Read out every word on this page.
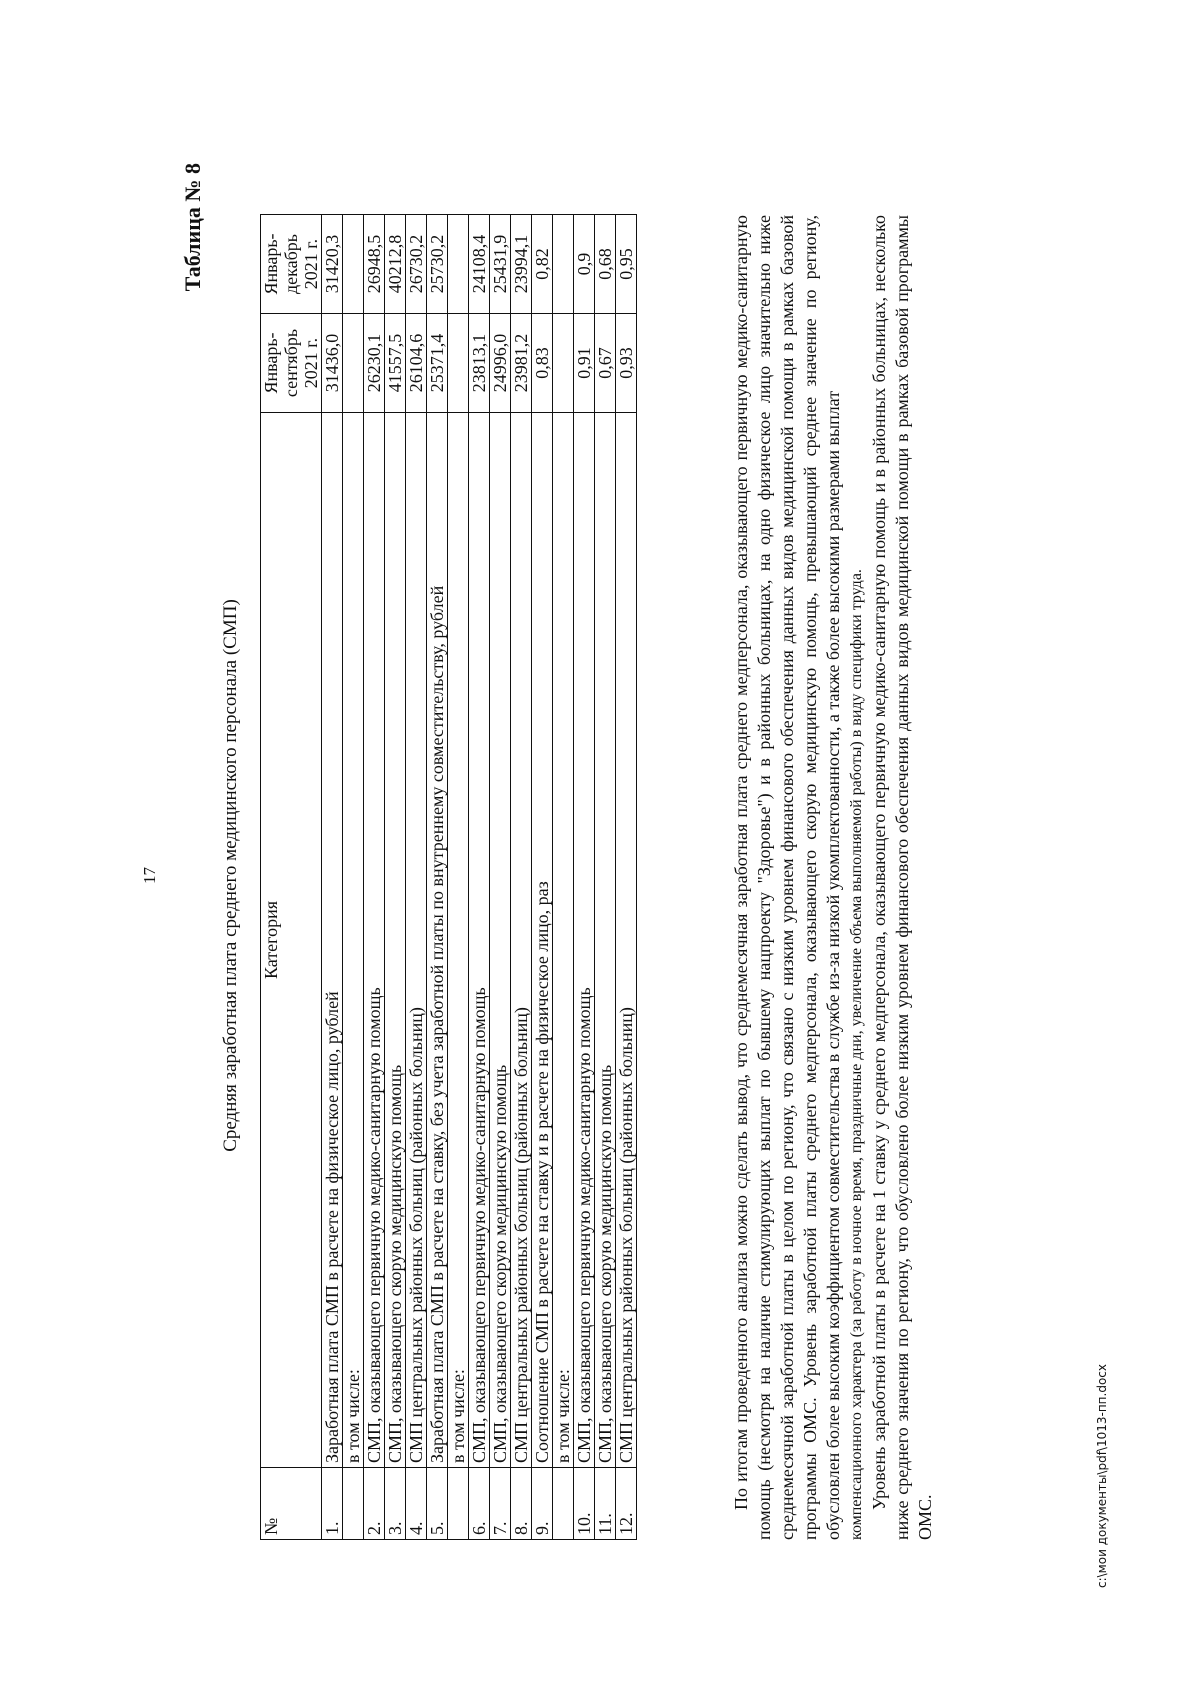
17
Таблица № 8
Средняя заработная плата среднего медицинского персонала (СМП)
№	Категория	Январь-сентябрь 2021 г.	Январь-декабрь 2021 г.
1.	Заработная плата СМП в расчете на физическое лицо, рублей	31436,0	31420,3
	в том числе:		
2.	СМП, оказывающего первичную медико-санитарную помощь	26230,1	26948,5
3.	СМП, оказывающего скорую медицинскую помощь	41557,5	40212,8
4.	СМП центральных районных больниц (районных больниц)	26104,6	26730,2
5.	Заработная плата СМП в расчете на ставку, без учета заработной платы по внутреннему совместительству, рублей	25371,4	25730,2
	в том числе:		
6.	СМП, оказывающего первичную медико-санитарную помощь	23813,1	24108,4
7.	СМП, оказывающего скорую медицинскую помощь	24996,0	25431,9
8.	СМП центральных районных больниц (районных больниц)	23981,2	23994,1
9.	Соотношение СМП в расчете на ставку и в расчете на физическое лицо, раз	0,83	0,82
	в том числе:		
10.	СМП, оказывающего первичную медико-санитарную помощь	0,91	0,9
11.	СМП, оказывающего скорую медицинскую помощь	0,67	0,68
12.	СМП центральных районных больниц (районных больниц)	0,93	0,95	По итогам проведенного анализа можно сделать вывод, что среднемесячная заработная плата среднего медперсонала, оказывающего первичную медико-санитарную помощь (несмотря на наличие стимулирующих выплат по бывшему нацпроекту "Здоровье") и в районных больницах, на одно физическое лицо значительно ниже среднемесячной заработной платы в целом по региону, что связано с низким уровнем финансового обеспечения данных видов медицинской помощи в рамках базовой программы ОМС. Уровень заработной платы среднего медперсонала, оказывающего скорую медицинскую помощь, превышающий среднее значение по региону, обусловлен более высоким коэффициентом совместительства в службе из-за низкой укомплектованности, а также более высокими размерами выплат компенсационного характера (за работу в ночное время, праздничные дни, увеличение объема выполняемой работы) в виду специфики труда. Уровень заработной платы в расчете на 1 ставку у среднего медперсонала, оказывающего первичную медико-санитарную помощь и в районных больницах, несколько ниже среднего значения по региону, что обусловлено более низким уровнем финансового обеспечения данных видов медицинской помощи в рамках базовой программы ОМС.	c:\мои документы\pdf\1013-пп.docx
